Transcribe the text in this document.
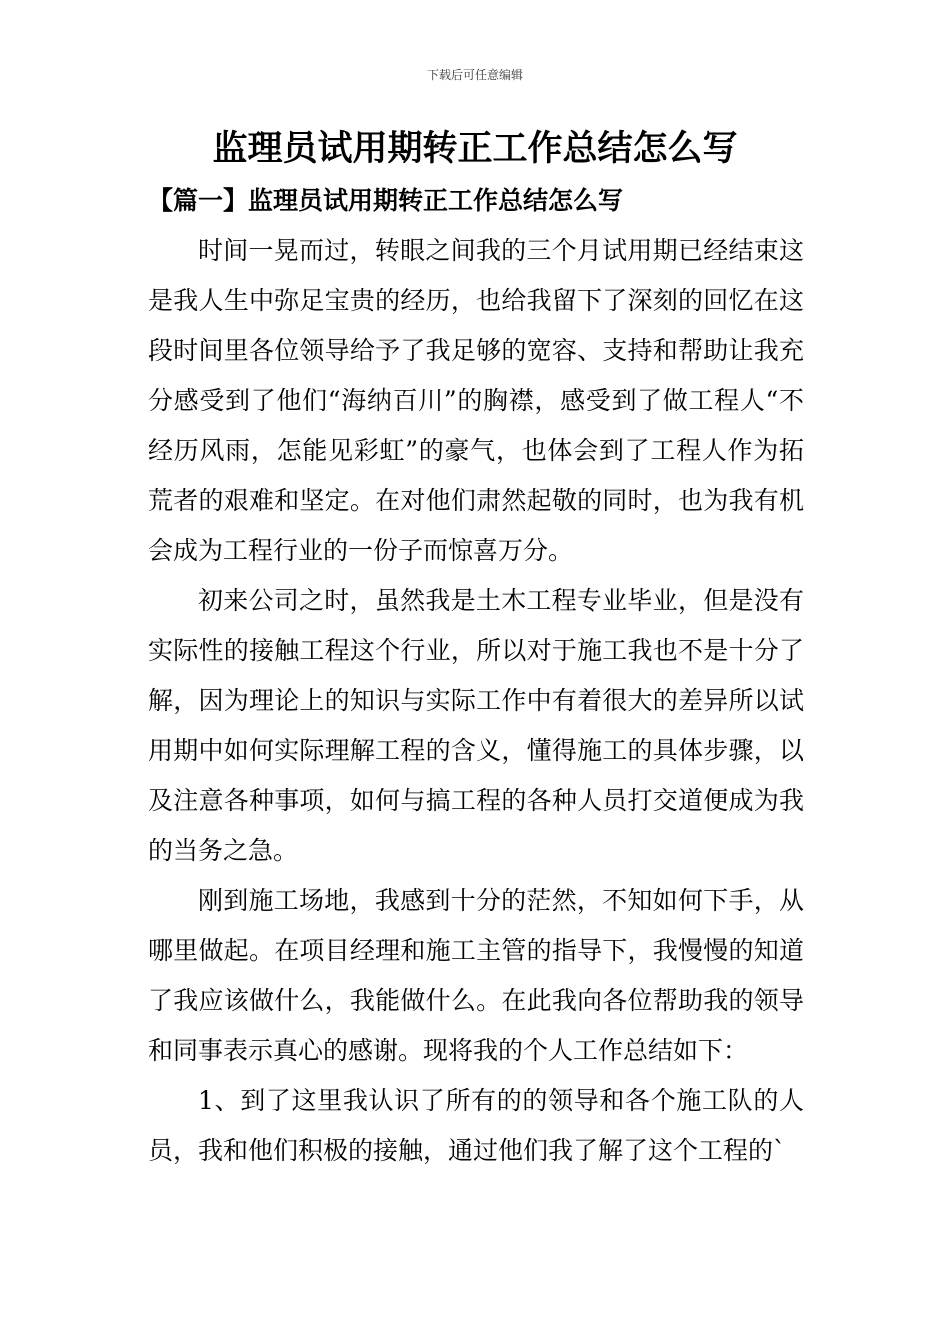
下载后可任意编辑
监理员试用期转正工作总结怎么写
【篇一】监理员试用期转正工作总结怎么写

时间一晃而过，转眼之间我的三个月试用期已经结束这是我人生中弥足宝贵的经历，也给我留下了深刻的回忆在这段时间里各位领导给予了我足够的宽容、支持和帮助让我充分感受到了他们“海纳百川”的胸襟，感受到了做工程人“不经历风雨，怎能见彩虹”的豪气，也体会到了工程人作为拓荒者的艰难和坚定。在对他们肃然起敬的同时，也为我有机会成为工程行业的一份子而惊喜万分。

初来公司之时，虽然我是土木工程专业毕业，但是没有实际性的接触工程这个行业，所以对于施工我也不是十分了解，因为理论上的知识与实际工作中有着很大的差异所以试用期中如何实际理解工程的含义，懂得施工的具体步骤，以及注意各种事项，如何与搞工程的各种人员打交道便成为我的当务之急。

刚到施工场地，我感到十分的茫然，不知如何下手，从哪里做起。在项目经理和施工主管的指导下，我慢慢的知道了我应该做什么，我能做什么。在此我向各位帮助我的领导和同事表示真心的感谢。现将我的个人工作总结如下：

1、到了这里我认识了所有的的领导和各个施工队的人员，我和他们积极的接触，通过他们我了解了这个工程的`
